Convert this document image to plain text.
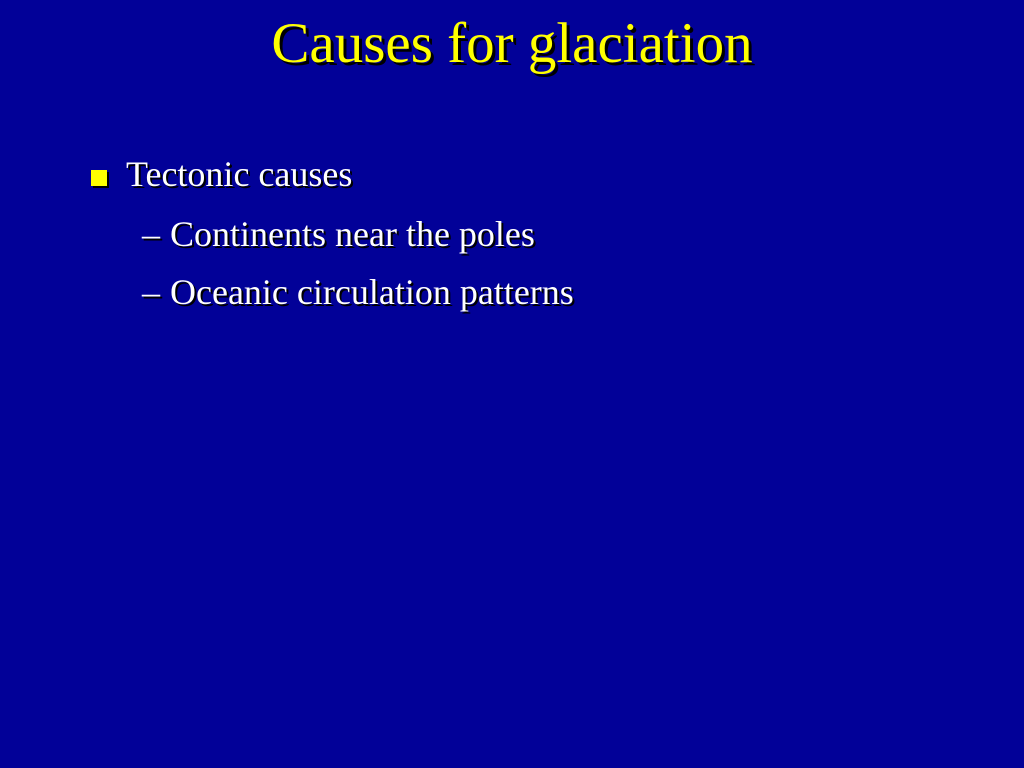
Causes for glaciation
Tectonic causes
– Continents near the poles
– Oceanic circulation patterns
